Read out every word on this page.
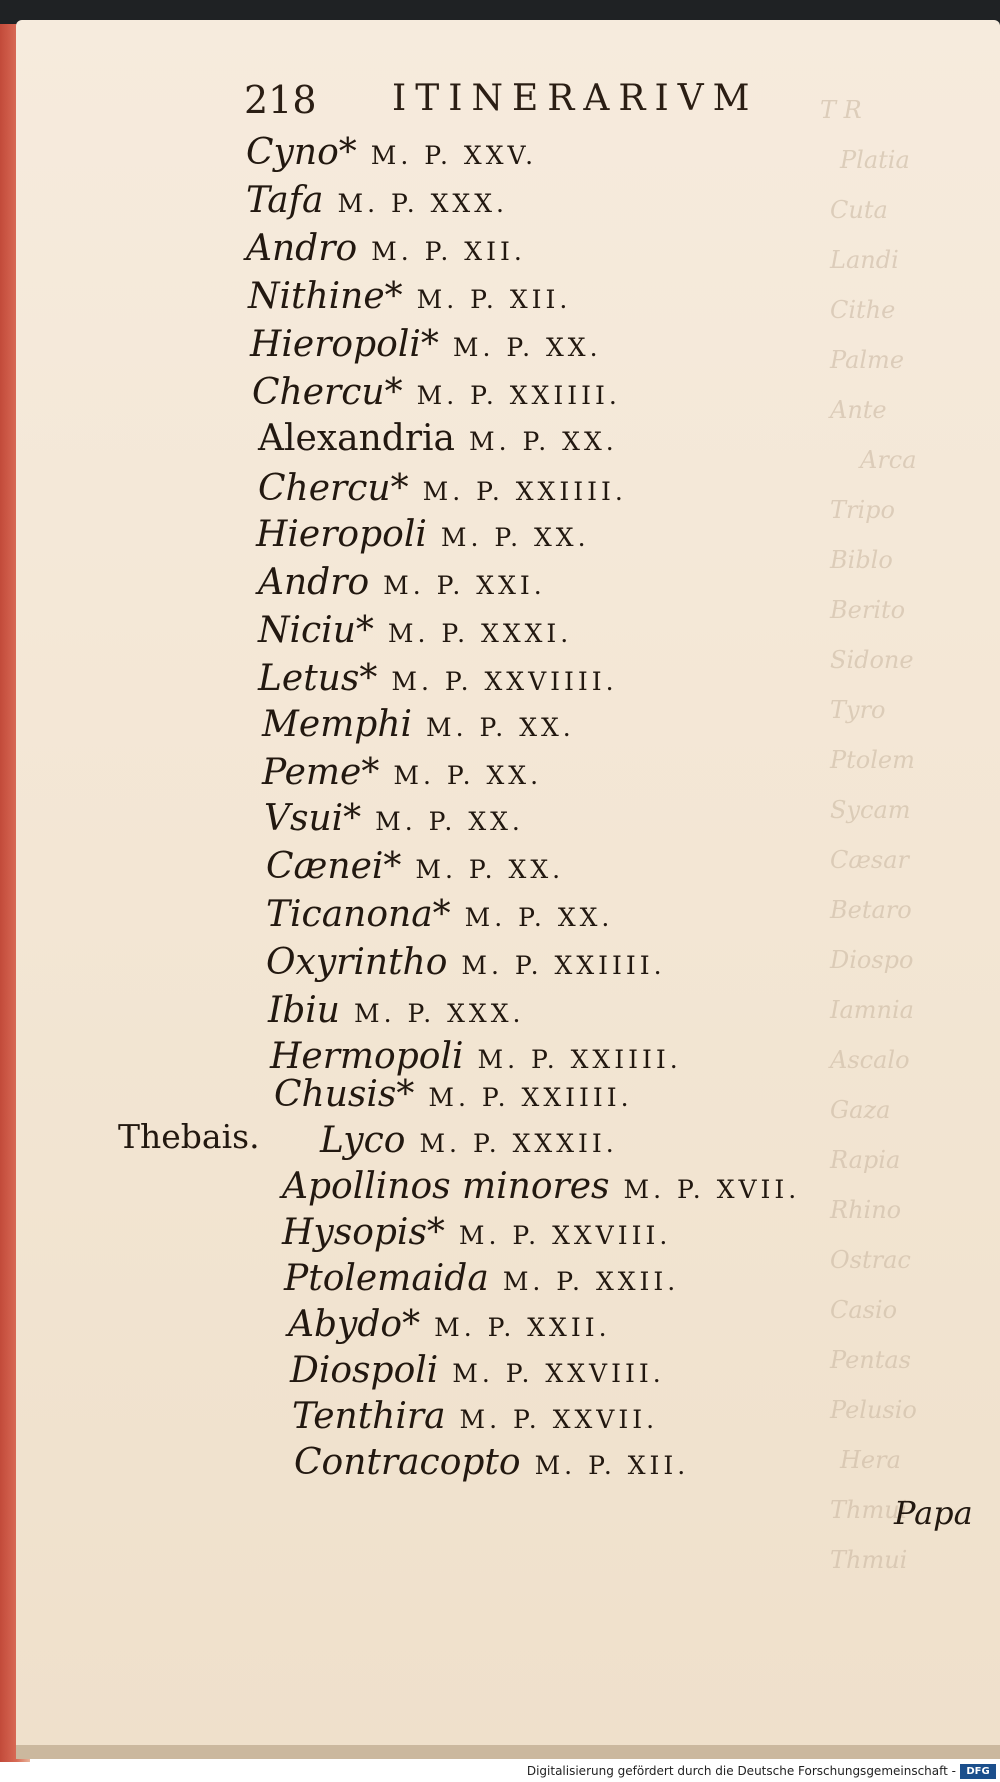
T R
Platia
Cuta
Landi
Cithe
Palme
Ante
Arca
Tripo
Biblo
Berito
Sidone
Tyro
Ptolem
Sycam
Cæsar
Betaro
Diospo
Iamnia
Ascalo
Gaza
Rapia
Rhino
Ostrac
Casio
Pentas
Pelusio
Hera
Thmui
Thmui
218 ITINERARIVM
Cyno* M. P. XXV.
Tafa M. P. XXX.
Andro M. P. XII.
Nithine* M. P. XII.
Hieropoli* M. P. XX.
Chercu* M. P. XXIIII.
Alexandria M. P. XX.
Chercu* M. P. XXIIII.
Hieropoli M. P. XX.
Andro M. P. XXI.
Niciu* M. P. XXXI.
Letus* M. P. XXVIIII.
Memphi M. P. XX.
Peme* M. P. XX.
Vsui* M. P. XX.
Cænei* M. P. XX.
Ticanona* M. P. XX.
Oxyrintho M. P. XXIIII.
Ibiu M. P. XXX.
Hermopoli M. P. XXIIII.
Chusis* M. P. XXIIII.
Lyco M. P. XXXII.
Apollinos minores M. P. XVII.
Hysopis* M. P. XXVIII.
Ptolemaida M. P. XXII.
Abydo* M. P. XXII.
Diospoli M. P. XXVIII.
Tenthira M. P. XXVII.
Contracopto M. P. XII.
Thebais.
Papa
Digitalisierung gefördert durch die Deutsche Forschungsgemeinschaft -	DFG
